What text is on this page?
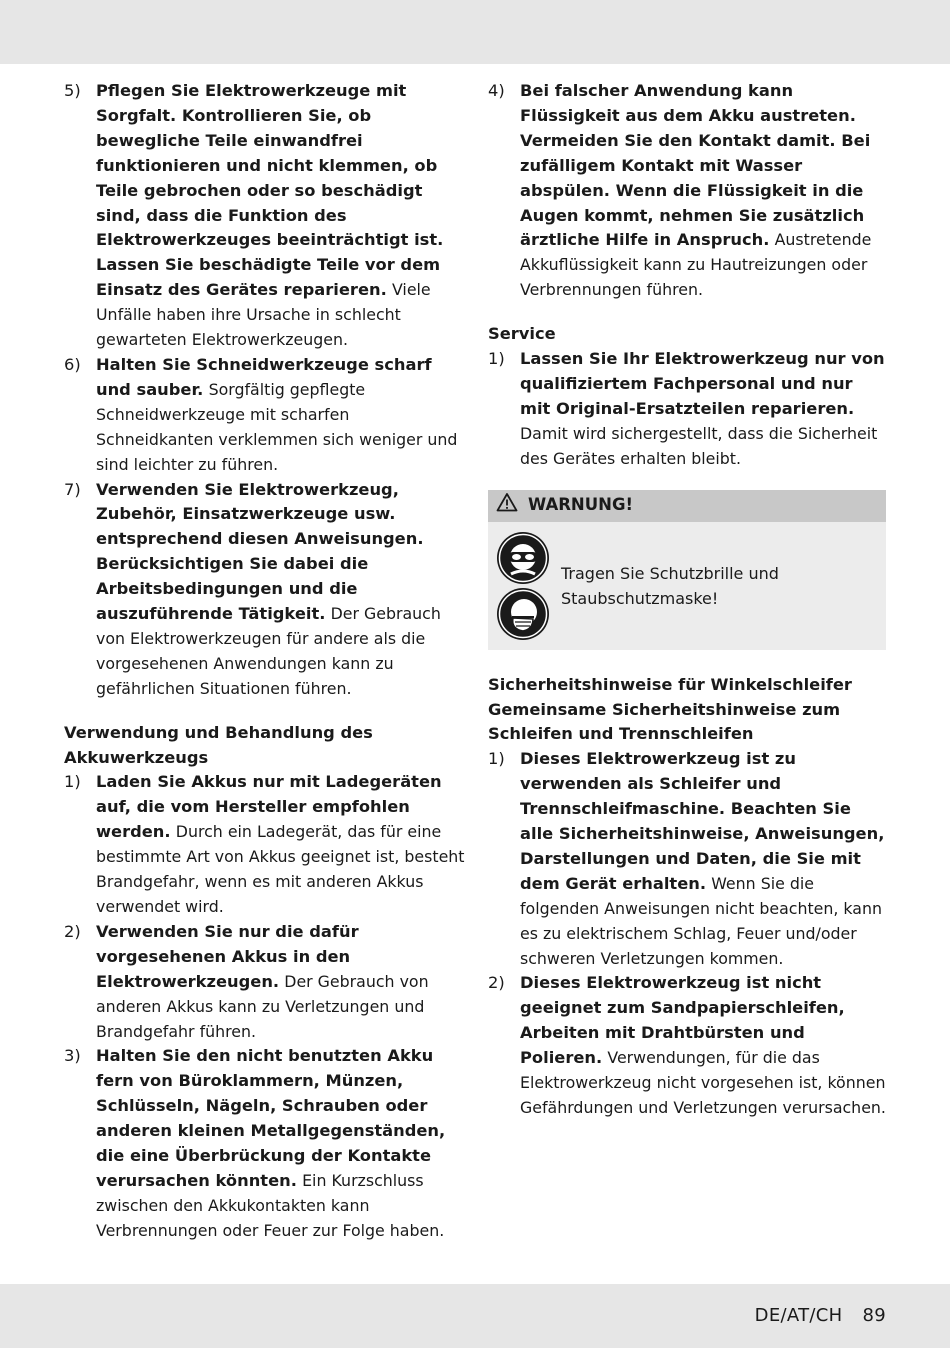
5) Pflegen Sie Elektrowerkzeuge mit Sorgfalt. Kontrollieren Sie, ob bewegliche Teile einwandfrei funktionieren und nicht klemmen, ob Teile gebrochen oder so beschädigt sind, dass die Funktion des Elektrowerkzeuges beeinträchtigt ist. Lassen Sie beschädigte Teile vor dem Einsatz des Gerätes reparieren. Viele Unfälle haben ihre Ursache in schlecht gewarteten Elektrowerkzeugen.
6) Halten Sie Schneidwerkzeuge scharf und sauber. Sorgfältig gepflegte Schneidwerkzeuge mit scharfen Schneidkanten verklemmen sich weniger und sind leichter zu führen.
7) Verwenden Sie Elektrowerkzeug, Zubehör, Einsatzwerkzeuge usw. entsprechend diesen Anweisungen. Berücksichtigen Sie dabei die Arbeitsbedingungen und die auszuführende Tätigkeit. Der Gebrauch von Elektrowerkzeugen für andere als die vorgesehenen Anwendungen kann zu gefährlichen Situationen führen.
Verwendung und Behandlung des Akkuwerkzeugs
1) Laden Sie Akkus nur mit Ladegeräten auf, die vom Hersteller empfohlen werden. Durch ein Ladegerät, das für eine bestimmte Art von Akkus geeignet ist, besteht Brandgefahr, wenn es mit anderen Akkus verwendet wird.
2) Verwenden Sie nur die dafür vorgesehenen Akkus in den Elektrowerkzeugen. Der Gebrauch von anderen Akkus kann zu Verletzungen und Brandgefahr führen.
3) Halten Sie den nicht benutzten Akku fern von Büroklammern, Münzen, Schlüsseln, Nägeln, Schrauben oder anderen kleinen Metallgegenständen, die eine Überbrückung der Kontakte verursachen könnten. Ein Kurzschluss zwischen den Akkukontakten kann Verbrennungen oder Feuer zur Folge haben.
4) Bei falscher Anwendung kann Flüssigkeit aus dem Akku austreten. Vermeiden Sie den Kontakt damit. Bei zufälligem Kontakt mit Wasser abspülen. Wenn die Flüssigkeit in die Augen kommt, nehmen Sie zusätzlich ärztliche Hilfe in Anspruch. Austretende Akkuflüssigkeit kann zu Hautreizungen oder Verbrennungen führen.
Service
1) Lassen Sie Ihr Elektrowerkzeug nur von qualifiziertem Fachpersonal und nur mit Original-Ersatzteilen reparieren. Damit wird sichergestellt, dass die Sicherheit des Gerätes erhalten bleibt.
WARNUNG!
Tragen Sie Schutzbrille und Staubschutzmaske!
Sicherheitshinweise für Winkelschleifer
Gemeinsame Sicherheitshinweise zum Schleifen und Trennschleifen
1) Dieses Elektrowerkzeug ist zu verwenden als Schleifer und Trennschleifmaschine. Beachten Sie alle Sicherheitshinweise, Anweisungen, Darstellungen und Daten, die Sie mit dem Gerät erhalten. Wenn Sie die folgenden Anweisungen nicht beachten, kann es zu elektrischem Schlag, Feuer und/oder schweren Verletzungen kommen.
2) Dieses Elektrowerkzeug ist nicht geeignet zum Sandpapierschleifen, Arbeiten mit Drahtbürsten und Polieren. Verwendungen, für die das Elektrowerkzeug nicht vorgesehen ist, können Gefährdungen und Verletzungen verursachen.
DE/AT/CH 89
